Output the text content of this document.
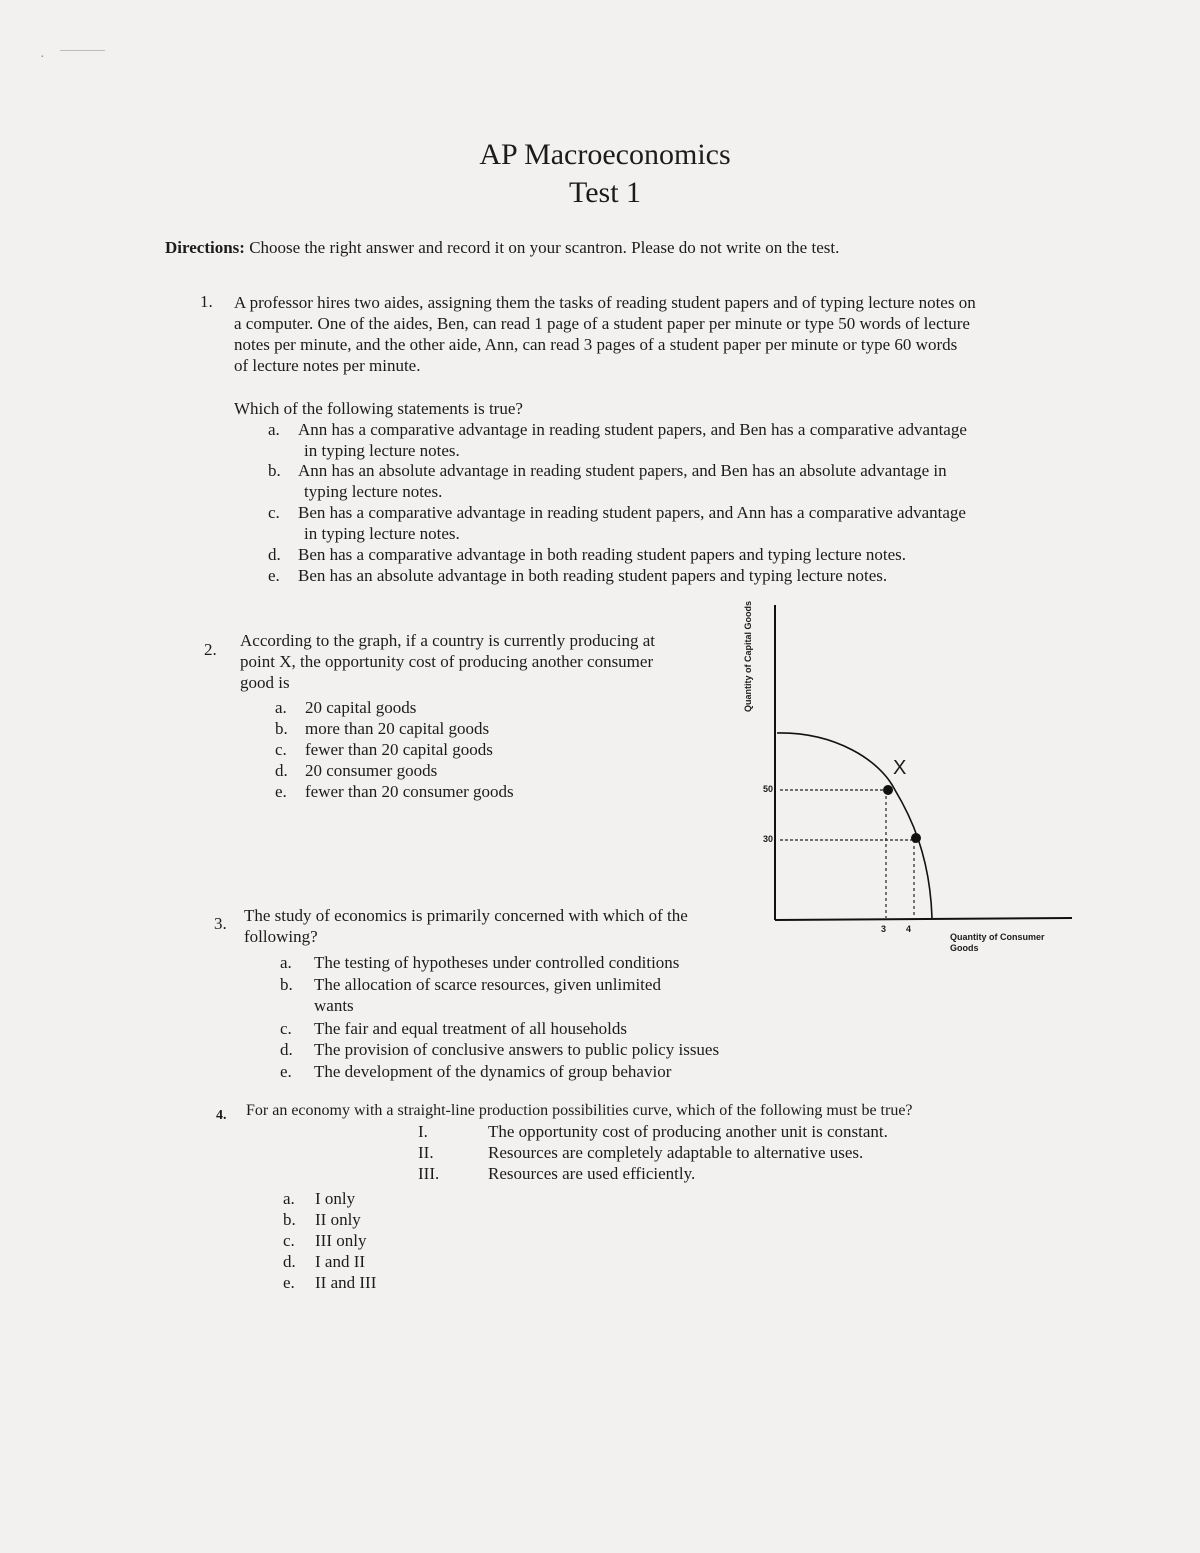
·
AP Macroeconomics
Test 1
Directions: Choose the right answer and record it on your scantron. Please do not write on the test.
1. A professor hires two aides, assigning them the tasks of reading student papers and of typing lecture notes on
a computer. One of the aides, Ben, can read 1 page of a student paper per minute or type 50 words of lecture
notes per minute, and the other aide, Ann, can read 3 pages of a student paper per minute or type 60 words
of lecture notes per minute.
Which of the following statements is true?
a. Ann has a comparative advantage in reading student papers, and Ben has a comparative advantage
in typing lecture notes.
b. Ann has an absolute advantage in reading student papers, and Ben has an absolute advantage in
typing lecture notes.
c. Ben has a comparative advantage in reading student papers, and Ann has a comparative advantage
in typing lecture notes.
d. Ben has a comparative advantage in both reading student papers and typing lecture notes.
e. Ben has an absolute advantage in both reading student papers and typing lecture notes.
2. According to the graph, if a country is currently producing at
point X, the opportunity cost of producing another consumer
good is
a. 20 capital goods
b. more than 20 capital goods
c. fewer than 20 capital goods
d. 20 consumer goods
e. fewer than 20 consumer goods
X
50
30
3 4
Quantity of Capital Goods
Quantity of Consumer
Goods
3. The study of economics is primarily concerned with which of the
following?
a. The testing of hypotheses under controlled conditions
b. The allocation of scarce resources, given unlimited
wants
c. The fair and equal treatment of all households
d. The provision of conclusive answers to public policy issues
e. The development of the dynamics of group behavior
4. For an economy with a straight-line production possibilities curve, which of the following must be true?
I.	The opportunity cost of producing another unit is constant.
II.	Resources are completely adaptable to alternative uses.
III.	Resources are used efficiently.
a. I only
b. II only
c. III only
d. I and II
e. II and III
